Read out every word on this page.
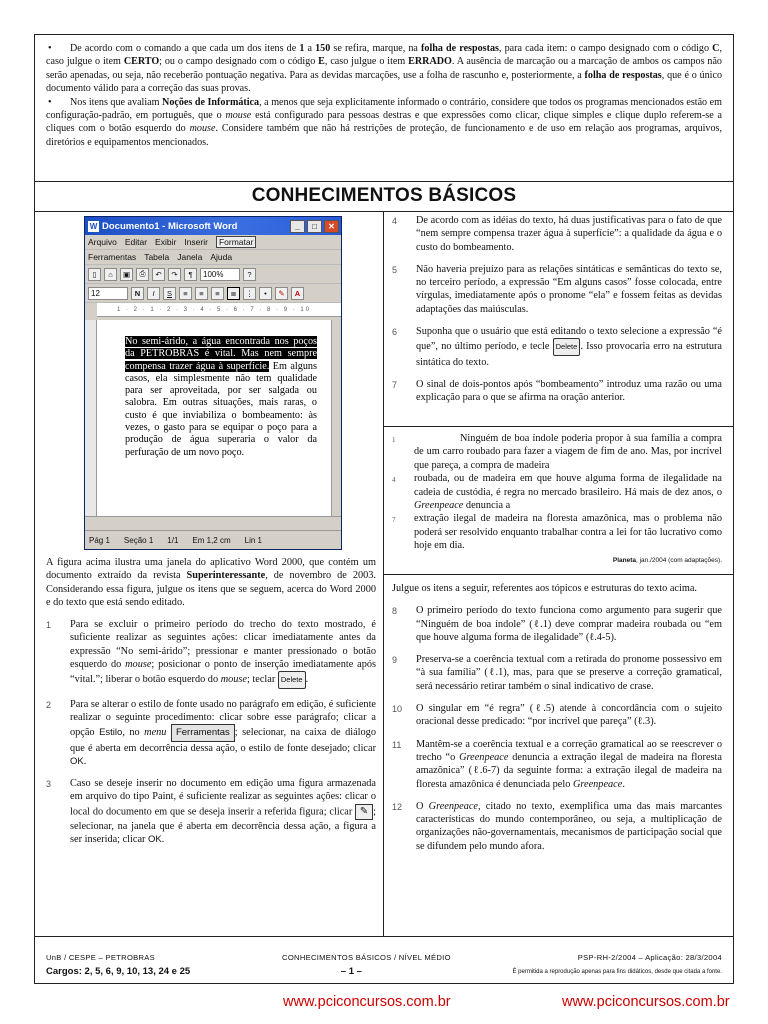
• De acordo com o comando a que cada um dos itens de 1 a 150 se refira, marque, na folha de respostas, para cada item: o campo designado com o código C, caso julgue o item CERTO; ou o campo designado com o código E, caso julgue o item ERRADO. A ausência de marcação ou a marcação de ambos os campos não serão apenadas, ou seja, não receberão pontuação negativa. Para as devidas marcações, use a folha de rascunho e, posteriormente, a folha de respostas, que é o único documento válido para a correção das suas provas.

• Nos itens que avaliam Noções de Informática, a menos que seja explicitamente informado o contrário, considere que todos os programas mencionados estão em configuração-padrão, em português, que o mouse está configurado para pessoas destras e que expressões como clicar, clique simples e clique duplo referem-se a cliques com o botão esquerdo do mouse. Considere também que não há restrições de proteção, de funcionamento e de uso em relação aos programas, arquivos, diretórios e equipamentos mencionados.

CONHECIMENTOS BÁSICOS
W Documento1 - Microsoft Word	_	□	✕
Arquivo Editar Exibir Inserir	Formatar
Ferramentas Tabela Janela Ajuda
▯	⌂	▣	⎙	↶	↷	¶	100%	?
12	N	I	S	≡	≡	≡	≣	⋮	•	✎	A
1 · 2 · 1 · 2 · 3 · 4 · 5 · 6 · 7 · 8 · 9 · 10
No semi-árido, a água encontrada nos poços da PETROBRAS é vital. Mas nem sempre compensa trazer água à superfície. Em alguns casos, ela simplesmente não tem qualidade para ser aproveitada, por ser salgada ou salobra. Em outras situações, mais raras, o custo é que inviabiliza o bombeamento: às vezes, o gasto para se equipar o poço para a produção de água superaria o valor da perfuração de um novo poço.
Pág 1 Seção 1 1/1 Em 1,2 cm Lin 1

A figura acima ilustra uma janela do aplicativo Word 2000, que contém um documento extraído da revista Superinteressante, de novembro de 2003. Considerando essa figura, julgue os itens que se seguem, acerca do Word 2000 e do texto que está sendo editado.

1	Para se excluir o primeiro período do trecho do texto mostrado, é suficiente realizar as seguintes ações: clicar imediatamente antes da expressão “No semi-árido”; pressionar e manter pressionado o botão esquerdo do mouse; posicionar o ponto de inserção imediatamente após “vital.”; liberar o botão esquerdo do mouse; teclar Delete .
2	Para se alterar o estilo de fonte usado no parágrafo em edição, é suficiente realizar o seguinte procedimento: clicar sobre esse parágrafo; clicar a opção Estilo, no menu Ferramentas ; selecionar, na caixa de diálogo que é aberta em decorrência dessa ação, o estilo de fonte desejado; clicar OK.
3	Caso se deseje inserir no documento em edição uma figura armazenada em arquivo do tipo Paint, é suficiente realizar as seguintes ações: clicar o local do documento em que se deseja inserir a referida figura; clicar ✎ ; selecionar, na janela que é aberta em decorrência dessa ação, a figura a ser inserida; clicar OK.
4	De acordo com as idéias do texto, há duas justificativas para o fato de que “nem sempre compensa trazer água à superfície”: a qualidade da água e o custo do bombeamento.
5	Não haveria prejuízo para as relações sintáticas e semânticas do texto se, no terceiro período, a expressão “Em alguns casos” fosse colocada, entre vírgulas, imediatamente após o pronome “ela” e fossem feitas as devidas adaptações das maiúsculas.
6	Suponha que o usuário que está editando o texto selecione a expressão “é que”, no último período, e tecle Delete . Isso provocaria erro na estrutura sintática do texto.
7	O sinal de dois-pontos após “bombeamento” introduz uma razão ou uma explicação para o que se afirma na oração anterior.
1	Ninguém de boa índole poderia propor à sua família a compra de um carro roubado para fazer a viagem de fim de ano. Mas, por incrível que pareça, a compra de madeira
4	roubada, ou de madeira em que houve alguma forma de ilegalidade na cadeia de custódia, é regra no mercado brasileiro. Há mais de dez anos, o Greenpeace denuncia a
7	extração ilegal de madeira na floresta amazônica, mas o problema não poderá ser resolvido enquanto trabalhar contra a lei for tão lucrativo como hoje em dia.
Planeta, jan./2004 (com adaptações).

Julgue os itens a seguir, referentes aos tópicos e estruturas do texto acima.

8	O primeiro período do texto funciona como argumento para sugerir que “Ninguém de boa índole” (ℓ.1) deve comprar madeira roubada ou “em que houve alguma forma de ilegalidade” (ℓ.4-5).
9	Preserva-se a coerência textual com a retirada do pronome possessivo em “à sua família” (ℓ.1), mas, para que se preserve a correção gramatical, será necessário retirar também o sinal indicativo de crase.
10	O singular em “é regra” (ℓ.5) atende à concordância com o sujeito oracional desse predicado: “por incrível que pareça” (ℓ.3).
11	Mantêm-se a coerência textual e a correção gramatical ao se reescrever o trecho “o Greenpeace denuncia a extração ilegal de madeira na floresta amazônica” (ℓ.6-7) da seguinte forma: a extração ilegal de madeira na floresta amazônica é denunciada pelo Greenpeace.
12	O Greenpeace, citado no texto, exemplifica uma das mais marcantes características do mundo contemporâneo, ou seja, a multiplicação de organizações não-governamentais, mecanismos de participação social que se difundem pelo mundo afora.
UnB / CESPE – PETROBRAS	CONHECIMENTOS BÁSICOS / NÍVEL MÉDIO	PSP-RH-2/2004 – Aplicação: 28/3/2004
Cargos: 2, 5, 6, 9, 10, 13, 24 e 25	– 1 –	É permitida a reprodução apenas para fins didáticos, desde que citada a fonte.
www.pciconcursos.com.br	www.pciconcursos.com.br
